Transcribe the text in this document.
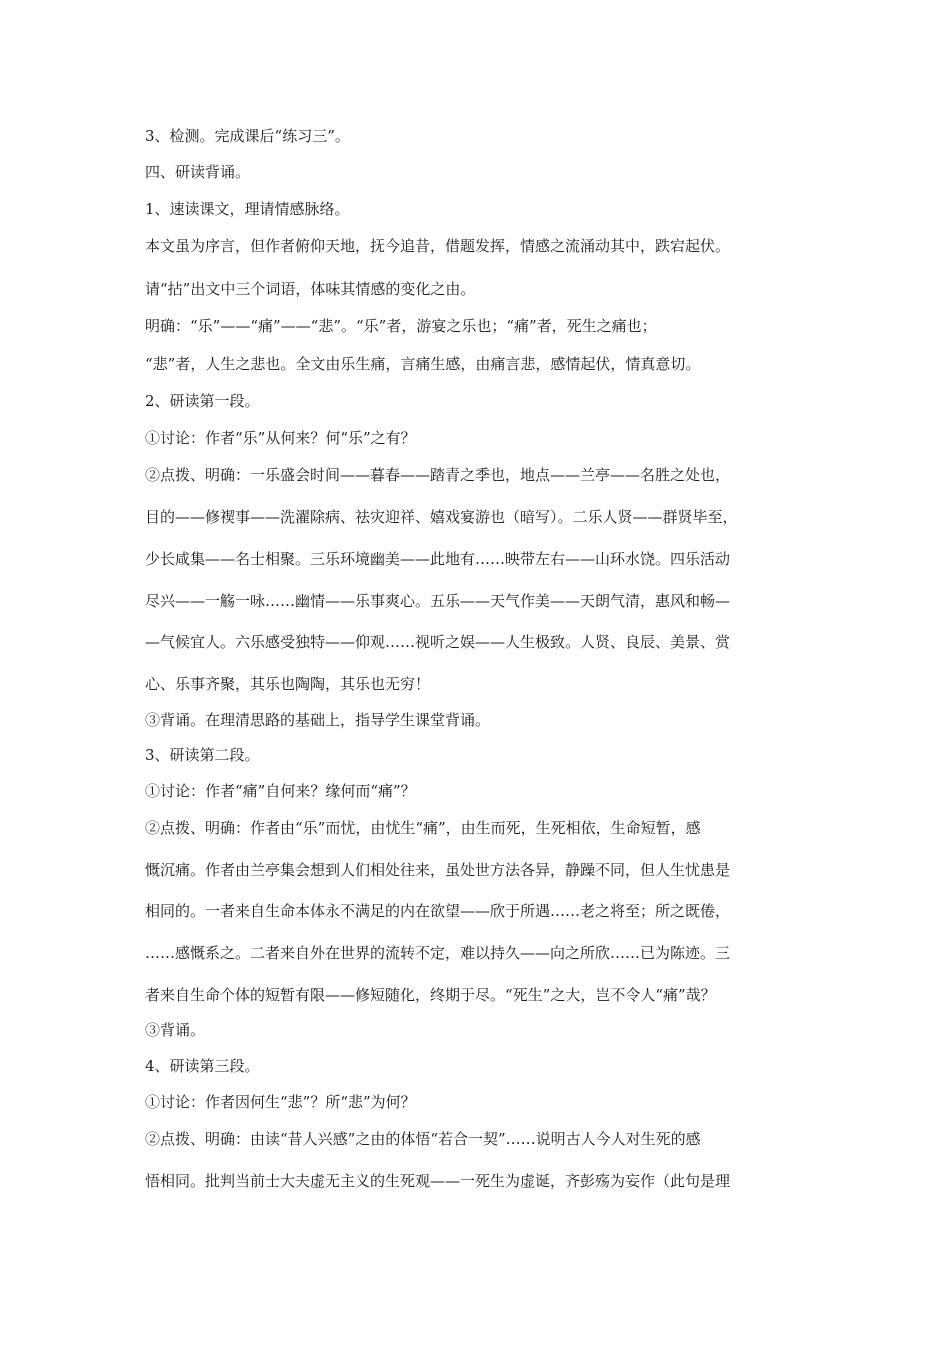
3、检测。完成课后“练习三”。
四、研读背诵。
1、速读课文，理请情感脉络。
本文虽为序言，但作者俯仰天地，抚今追昔，借题发挥，情感之流涌动其中，跌宕起伏。
请“拈”出文中三个词语，体味其情感的变化之由。
明确：“乐”——“痛”——“悲”。“乐”者，游宴之乐也；“痛”者，死生之痛也；
“悲”者，人生之悲也。全文由乐生痛，言痛生感，由痛言悲，感情起伏，情真意切。
2、研读第一段。
①讨论：作者“乐”从何来？何“乐”之有？
②点拨、明确：一乐盛会时间——暮春——踏青之季也，地点——兰亭——名胜之处也，
目的——修褉事——洗濯除病、祛灾迎祥、嬉戏宴游也（暗写）。二乐人贤——群贤毕至，
少长咸集——名士相聚。三乐环境幽美——此地有……映带左右——山环水饶。四乐活动
尽兴——一觞一咏……幽情——乐事爽心。五乐——天气作美——天朗气清，惠风和畅—
—气候宜人。六乐感受独特——仰观……视听之娱——人生极致。人贤、良辰、美景、赏
心、乐事齐聚，其乐也陶陶，其乐也无穷！
③背诵。在理清思路的基础上，指导学生课堂背诵。
3、研读第二段。
①讨论：作者“痛”自何来？缘何而“痛”？
②点拨、明确：作者由“乐”而忧，由忧生“痛”，由生而死，生死相依，生命短暂，感
慨沉痛。作者由兰亭集会想到人们相处往来，虽处世方法各异，静躁不同，但人生忧患是
相同的。一者来自生命本体永不满足的内在欲望——欣于所遇……老之将至；所之既倦，
……感慨系之。二者来自外在世界的流转不定，难以持久——向之所欣……已为陈迹。三
者来自生命个体的短暂有限——修短随化，终期于尽。“死生”之大，岂不令人“痛”哉？
③背诵。
4、研读第三段。
①讨论：作者因何生“悲”？所“悲”为何？
②点拨、明确：由读“昔人兴感”之由的体悟“若合一契”……说明古人今人对生死的感
悟相同。批判当前士大夫虚无主义的生死观——一死生为虚诞，齐彭殇为妄作（此句是理
